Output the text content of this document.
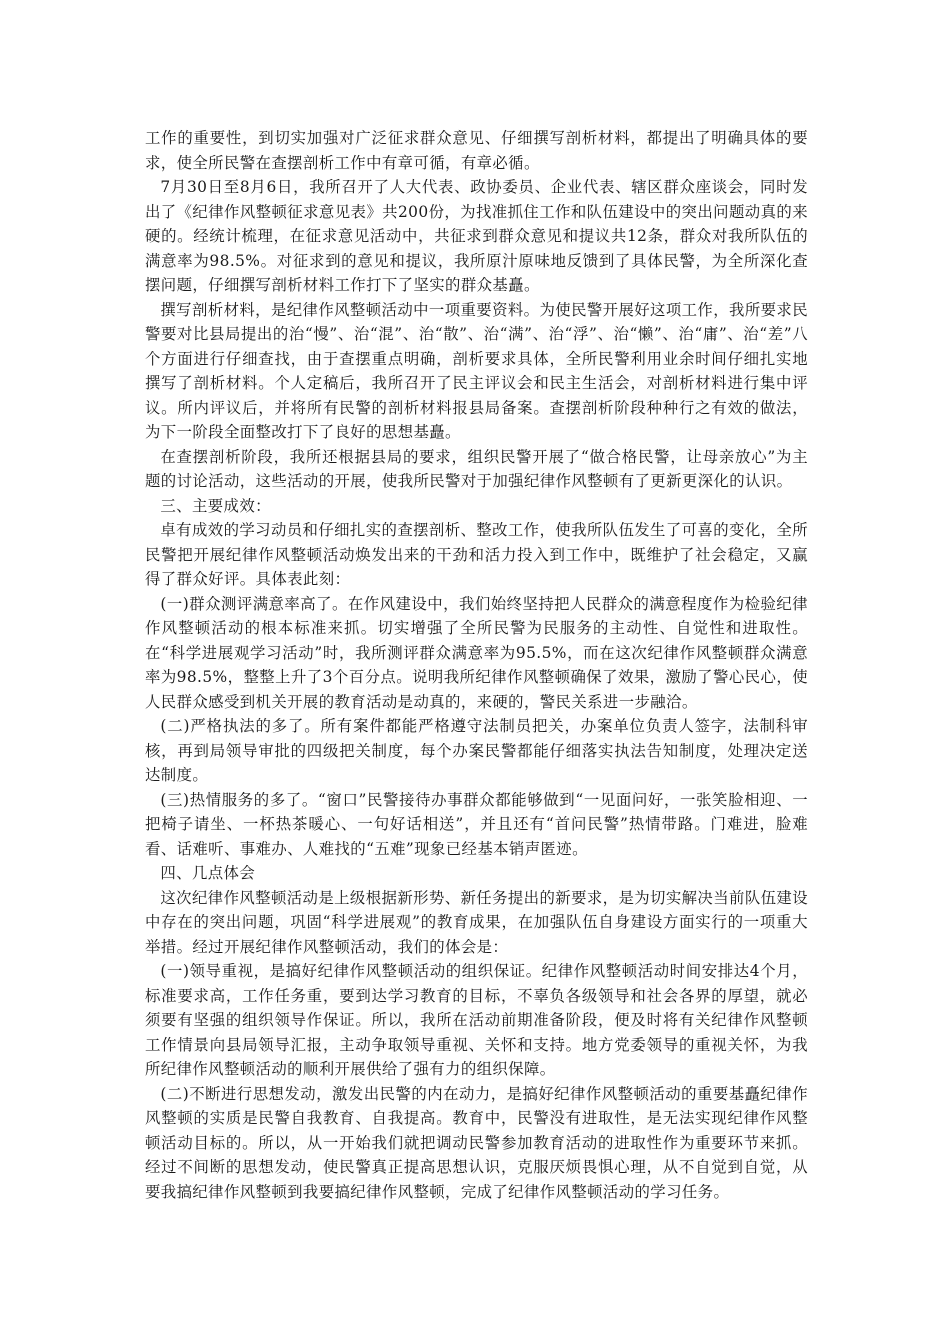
工作的重要性，到切实加强对广泛征求群众意见、仔细撰写剖析材料，都提出了明确具体的要求，使全所民警在查摆剖析工作中有章可循，有章必循。

7月30日至8月6日，我所召开了人大代表、政协委员、企业代表、辖区群众座谈会，同时发出了《纪律作风整顿征求意见表》共200份，为找准抓住工作和队伍建设中的突出问题动真的来硬的。经统计梳理，在征求意见活动中，共征求到群众意见和提议共12条，群众对我所队伍的满意率为98.5%。对征求到的意见和提议，我所原汁原味地反馈到了具体民警，为全所深化查摆问题，仔细撰写剖析材料工作打下了坚实的群众基矗。

撰写剖析材料，是纪律作风整顿活动中一项重要资料。为使民警开展好这项工作，我所要求民警要对比县局提出的治“慢”、治“混”、治“散”、治“满”、治“浮”、治“懒”、治“庸”、治“差”八个方面进行仔细查找，由于查摆重点明确，剖析要求具体，全所民警利用业余时间仔细扎实地撰写了剖析材料。个人定稿后，我所召开了民主评议会和民主生活会，对剖析材料进行集中评议。所内评议后，并将所有民警的剖析材料报县局备案。查摆剖析阶段种种行之有效的做法，为下一阶段全面整改打下了良好的思想基矗。

在查摆剖析阶段，我所还根据县局的要求，组织民警开展了“做合格民警，让母亲放心”为主题的讨论活动，这些活动的开展，使我所民警对于加强纪律作风整顿有了更新更深化的认识。

三、主要成效：

卓有成效的学习动员和仔细扎实的查摆剖析、整改工作，使我所队伍发生了可喜的变化，全所民警把开展纪律作风整顿活动焕发出来的干劲和活力投入到工作中，既维护了社会稳定，又赢得了群众好评。具体表此刻：

(一)群众测评满意率高了。在作风建设中，我们始终坚持把人民群众的满意程度作为检验纪律作风整顿活动的根本标准来抓。切实增强了全所民警为民服务的主动性、自觉性和进取性。在“科学进展观学习活动”时，我所测评群众满意率为95.5%，而在这次纪律作风整顿群众满意率为98.5%，整整上升了3个百分点。说明我所纪律作风整顿确保了效果，激励了警心民心，使人民群众感受到机关开展的教育活动是动真的，来硬的，警民关系进一步融洽。

(二)严格执法的多了。所有案件都能严格遵守法制员把关，办案单位负责人签字，法制科审核，再到局领导审批的四级把关制度，每个办案民警都能仔细落实执法告知制度，处理决定送达制度。

(三)热情服务的多了。“窗口”民警接待办事群众都能够做到“一见面问好，一张笑脸相迎、一把椅子请坐、一杯热茶暖心、一句好话相送”，并且还有“首问民警”热情带路。门难进，脸难看、话难听、事难办、人难找的“五难”现象已经基本销声匿迹。

四、几点体会

这次纪律作风整顿活动是上级根据新形势、新任务提出的新要求，是为切实解决当前队伍建设中存在的突出问题，巩固“科学进展观”的教育成果，在加强队伍自身建设方面实行的一项重大举措。经过开展纪律作风整顿活动，我们的体会是：

(一)领导重视，是搞好纪律作风整顿活动的组织保证。纪律作风整顿活动时间安排达4个月，标准要求高，工作任务重，要到达学习教育的目标，不辜负各级领导和社会各界的厚望，就必须要有坚强的组织领导作保证。所以，我所在活动前期准备阶段，便及时将有关纪律作风整顿工作情景向县局领导汇报，主动争取领导重视、关怀和支持。地方党委领导的重视关怀，为我所纪律作风整顿活动的顺利开展供给了强有力的组织保障。

(二)不断进行思想发动，激发出民警的内在动力，是搞好纪律作风整顿活动的重要基矗纪律作风整顿的实质是民警自我教育、自我提高。教育中，民警没有进取性，是无法实现纪律作风整顿活动目标的。所以，从一开始我们就把调动民警参加教育活动的进取性作为重要环节来抓。经过不间断的思想发动，使民警真正提高思想认识，克服厌烦畏惧心理，从不自觉到自觉，从要我搞纪律作风整顿到我要搞纪律作风整顿，完成了纪律作风整顿活动的学习任务。
